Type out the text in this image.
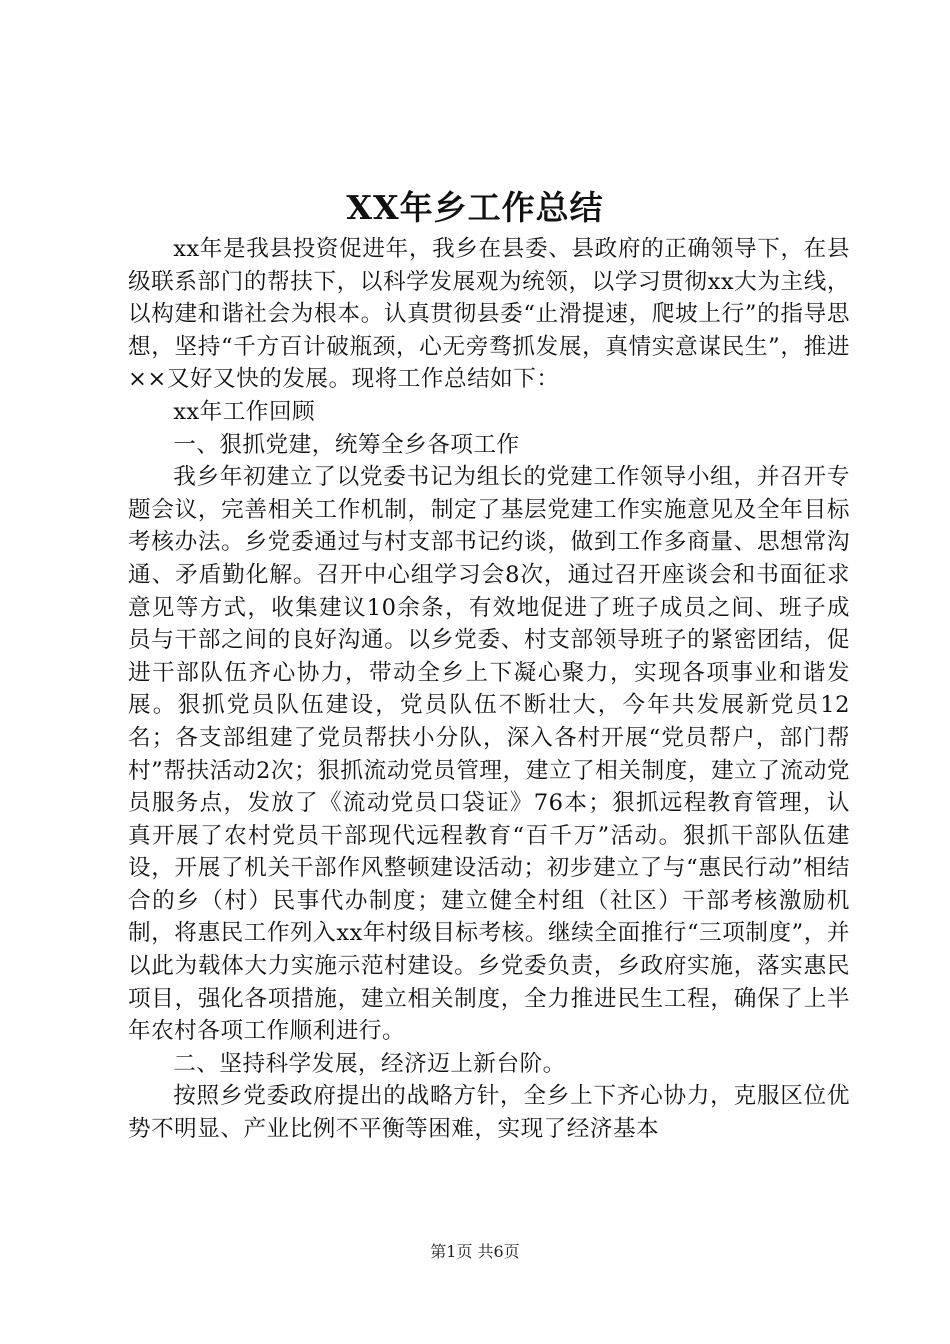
XX年乡工作总结

xx年是我县投资促进年，我乡在县委、县政府的正确领导下，在县级联系部门的帮扶下，以科学发展观为统领，以学习贯彻xx大为主线，以构建和谐社会为根本。认真贯彻县委“止滑提速，爬坡上行”的指导思想，坚持“千方百计破瓶颈，心无旁骛抓发展，真情实意谋民生”，推进××又好又快的发展。现将工作总结如下：

xx年工作回顾

一、狠抓党建，统筹全乡各项工作

我乡年初建立了以党委书记为组长的党建工作领导小组，并召开专题会议，完善相关工作机制，制定了基层党建工作实施意见及全年目标考核办法。乡党委通过与村支部书记约谈，做到工作多商量、思想常沟通、矛盾勤化解。召开中心组学习会8次，通过召开座谈会和书面征求意见等方式，收集建议10余条，有效地促进了班子成员之间、班子成员与干部之间的良好沟通。以乡党委、村支部领导班子的紧密团结，促进干部队伍齐心协力，带动全乡上下凝心聚力，实现各项事业和谐发展。狠抓党员队伍建设，党员队伍不断壮大，今年共发展新党员12名；各支部组建了党员帮扶小分队，深入各村开展“党员帮户，部门帮村”帮扶活动2次；狠抓流动党员管理，建立了相关制度，建立了流动党员服务点，发放了《流动党员口袋证》76本；狠抓远程教育管理，认真开展了农村党员干部现代远程教育“百千万”活动。狠抓干部队伍建设，开展了机关干部作风整顿建设活动；初步建立了与“惠民行动”相结合的乡（村）民事代办制度；建立健全村组（社区）干部考核激励机制，将惠民工作列入xx年村级目标考核。继续全面推行“三项制度”，并以此为载体大力实施示范村建设。乡党委负责，乡政府实施，落实惠民项目，强化各项措施，建立相关制度，全力推进民生工程，确保了上半年农村各项工作顺利进行。

二、坚持科学发展，经济迈上新台阶。

按照乡党委政府提出的战略方针，全乡上下齐心协力，克服区位优势不明显、产业比例不平衡等困难，实现了经济基本

第1页 共6页
